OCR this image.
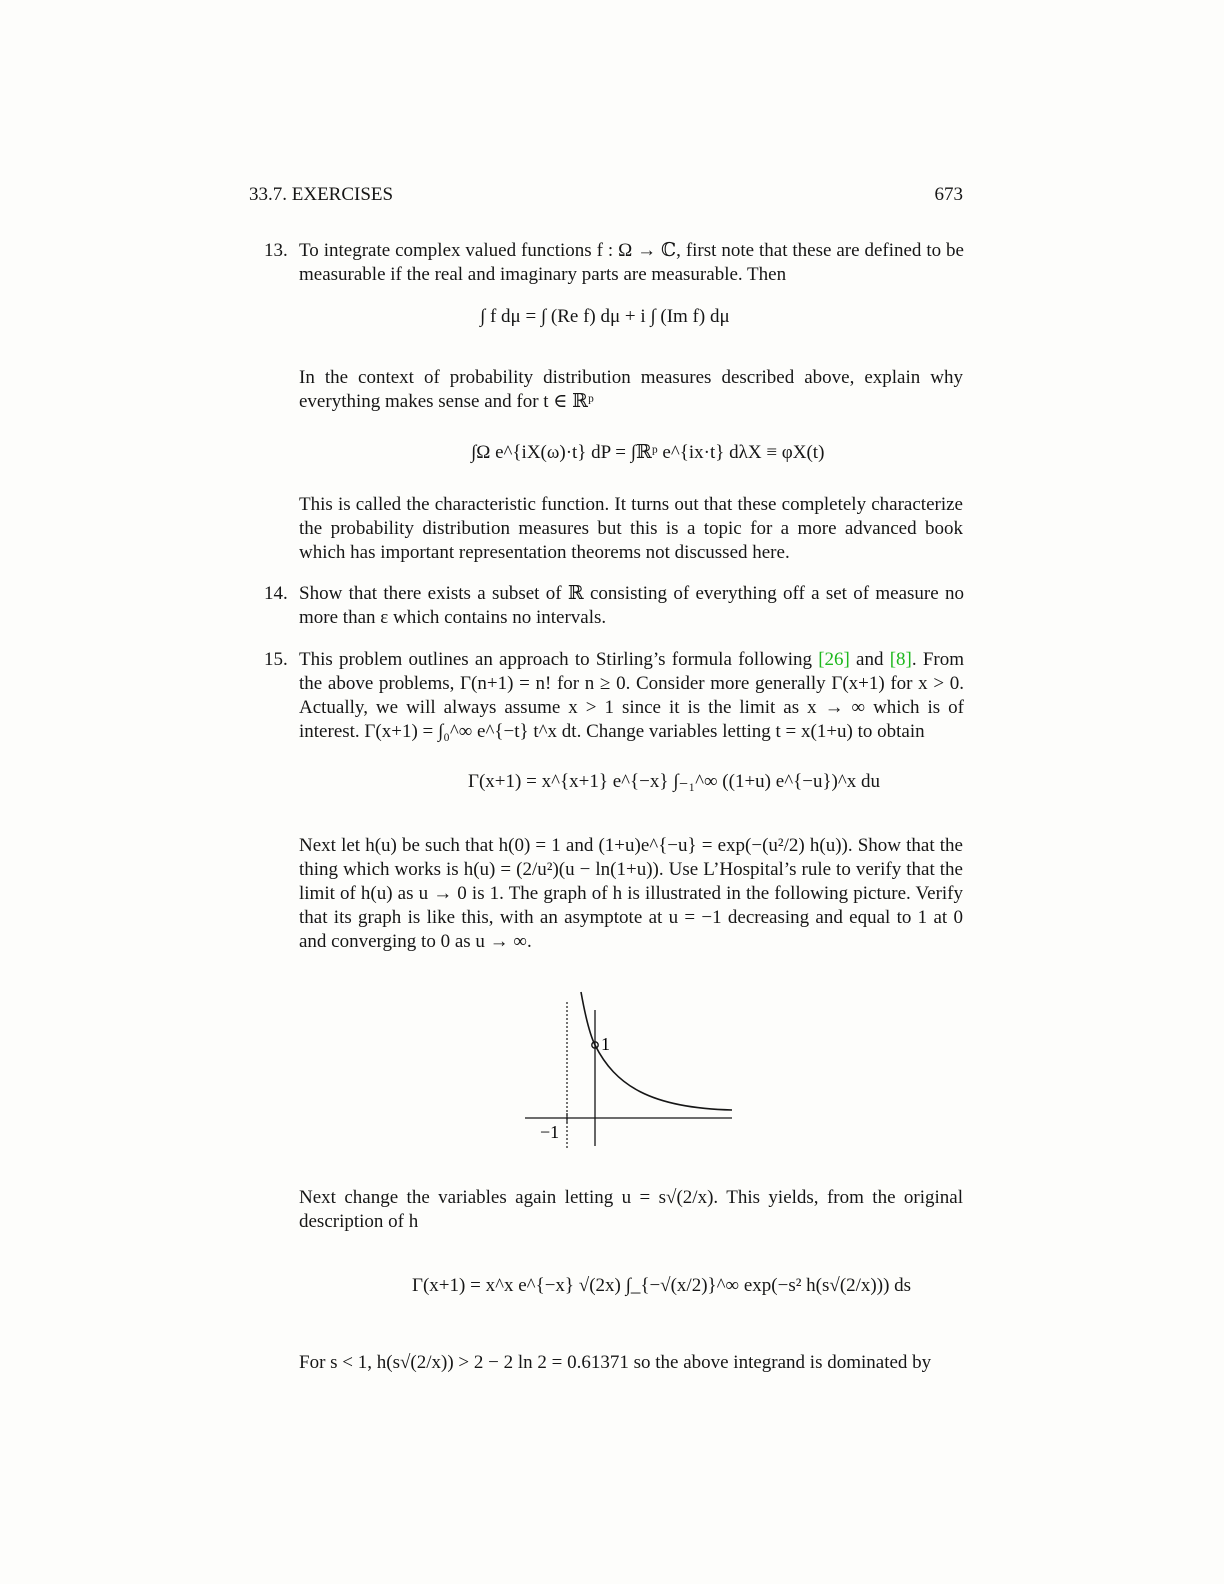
33.7. EXERCISES	673
13. To integrate complex valued functions f : Ω → ℂ, first note that these are defined to be measurable if the real and imaginary parts are measurable. Then
∫ f dμ = ∫ (Re f) dμ + i ∫ (Im f) dμ
In the context of probability distribution measures described above, explain why everything makes sense and for t ∈ ℝᵖ
∫Ω e^{iX(ω)·t} dP = ∫ℝᵖ e^{ix·t} dλX ≡ φX(t)
This is called the characteristic function. It turns out that these completely characterize the probability distribution measures but this is a topic for a more advanced book which has important representation theorems not discussed here.
14. Show that there exists a subset of ℝ consisting of everything off a set of measure no more than ε which contains no intervals.
15. This problem outlines an approach to Stirling’s formula following [26] and [8]. From the above problems, Γ(n+1) = n! for n ≥ 0. Consider more generally Γ(x+1) for x > 0. Actually, we will always assume x > 1 since it is the limit as x → ∞ which is of interest. Γ(x+1) = ∫₀^∞ e^{−t} t^x dt. Change variables letting t = x(1+u) to obtain
Γ(x+1) = x^{x+1} e^{−x} ∫₋₁^∞ ((1+u) e^{−u})^x du
Next let h(u) be such that h(0) = 1 and (1+u)e^{−u} = exp(−(u²/2) h(u)). Show that the thing which works is h(u) = (2/u²)(u − ln(1+u)). Use L’Hospital’s rule to verify that the limit of h(u) as u → 0 is 1. The graph of h is illustrated in the following picture. Verify that its graph is like this, with an asymptote at u = −1 decreasing and equal to 1 at 0 and converging to 0 as u → ∞.
1
−1
Next change the variables again letting u = s√(2/x). This yields, from the original description of h
Γ(x+1) = x^x e^{−x} √(2x) ∫_{−√(x/2)}^∞ exp(−s² h(s√(2/x))) ds
For s < 1, h(s√(2/x)) > 2 − 2 ln 2 = 0.61371 so the above integrand is dominated by
